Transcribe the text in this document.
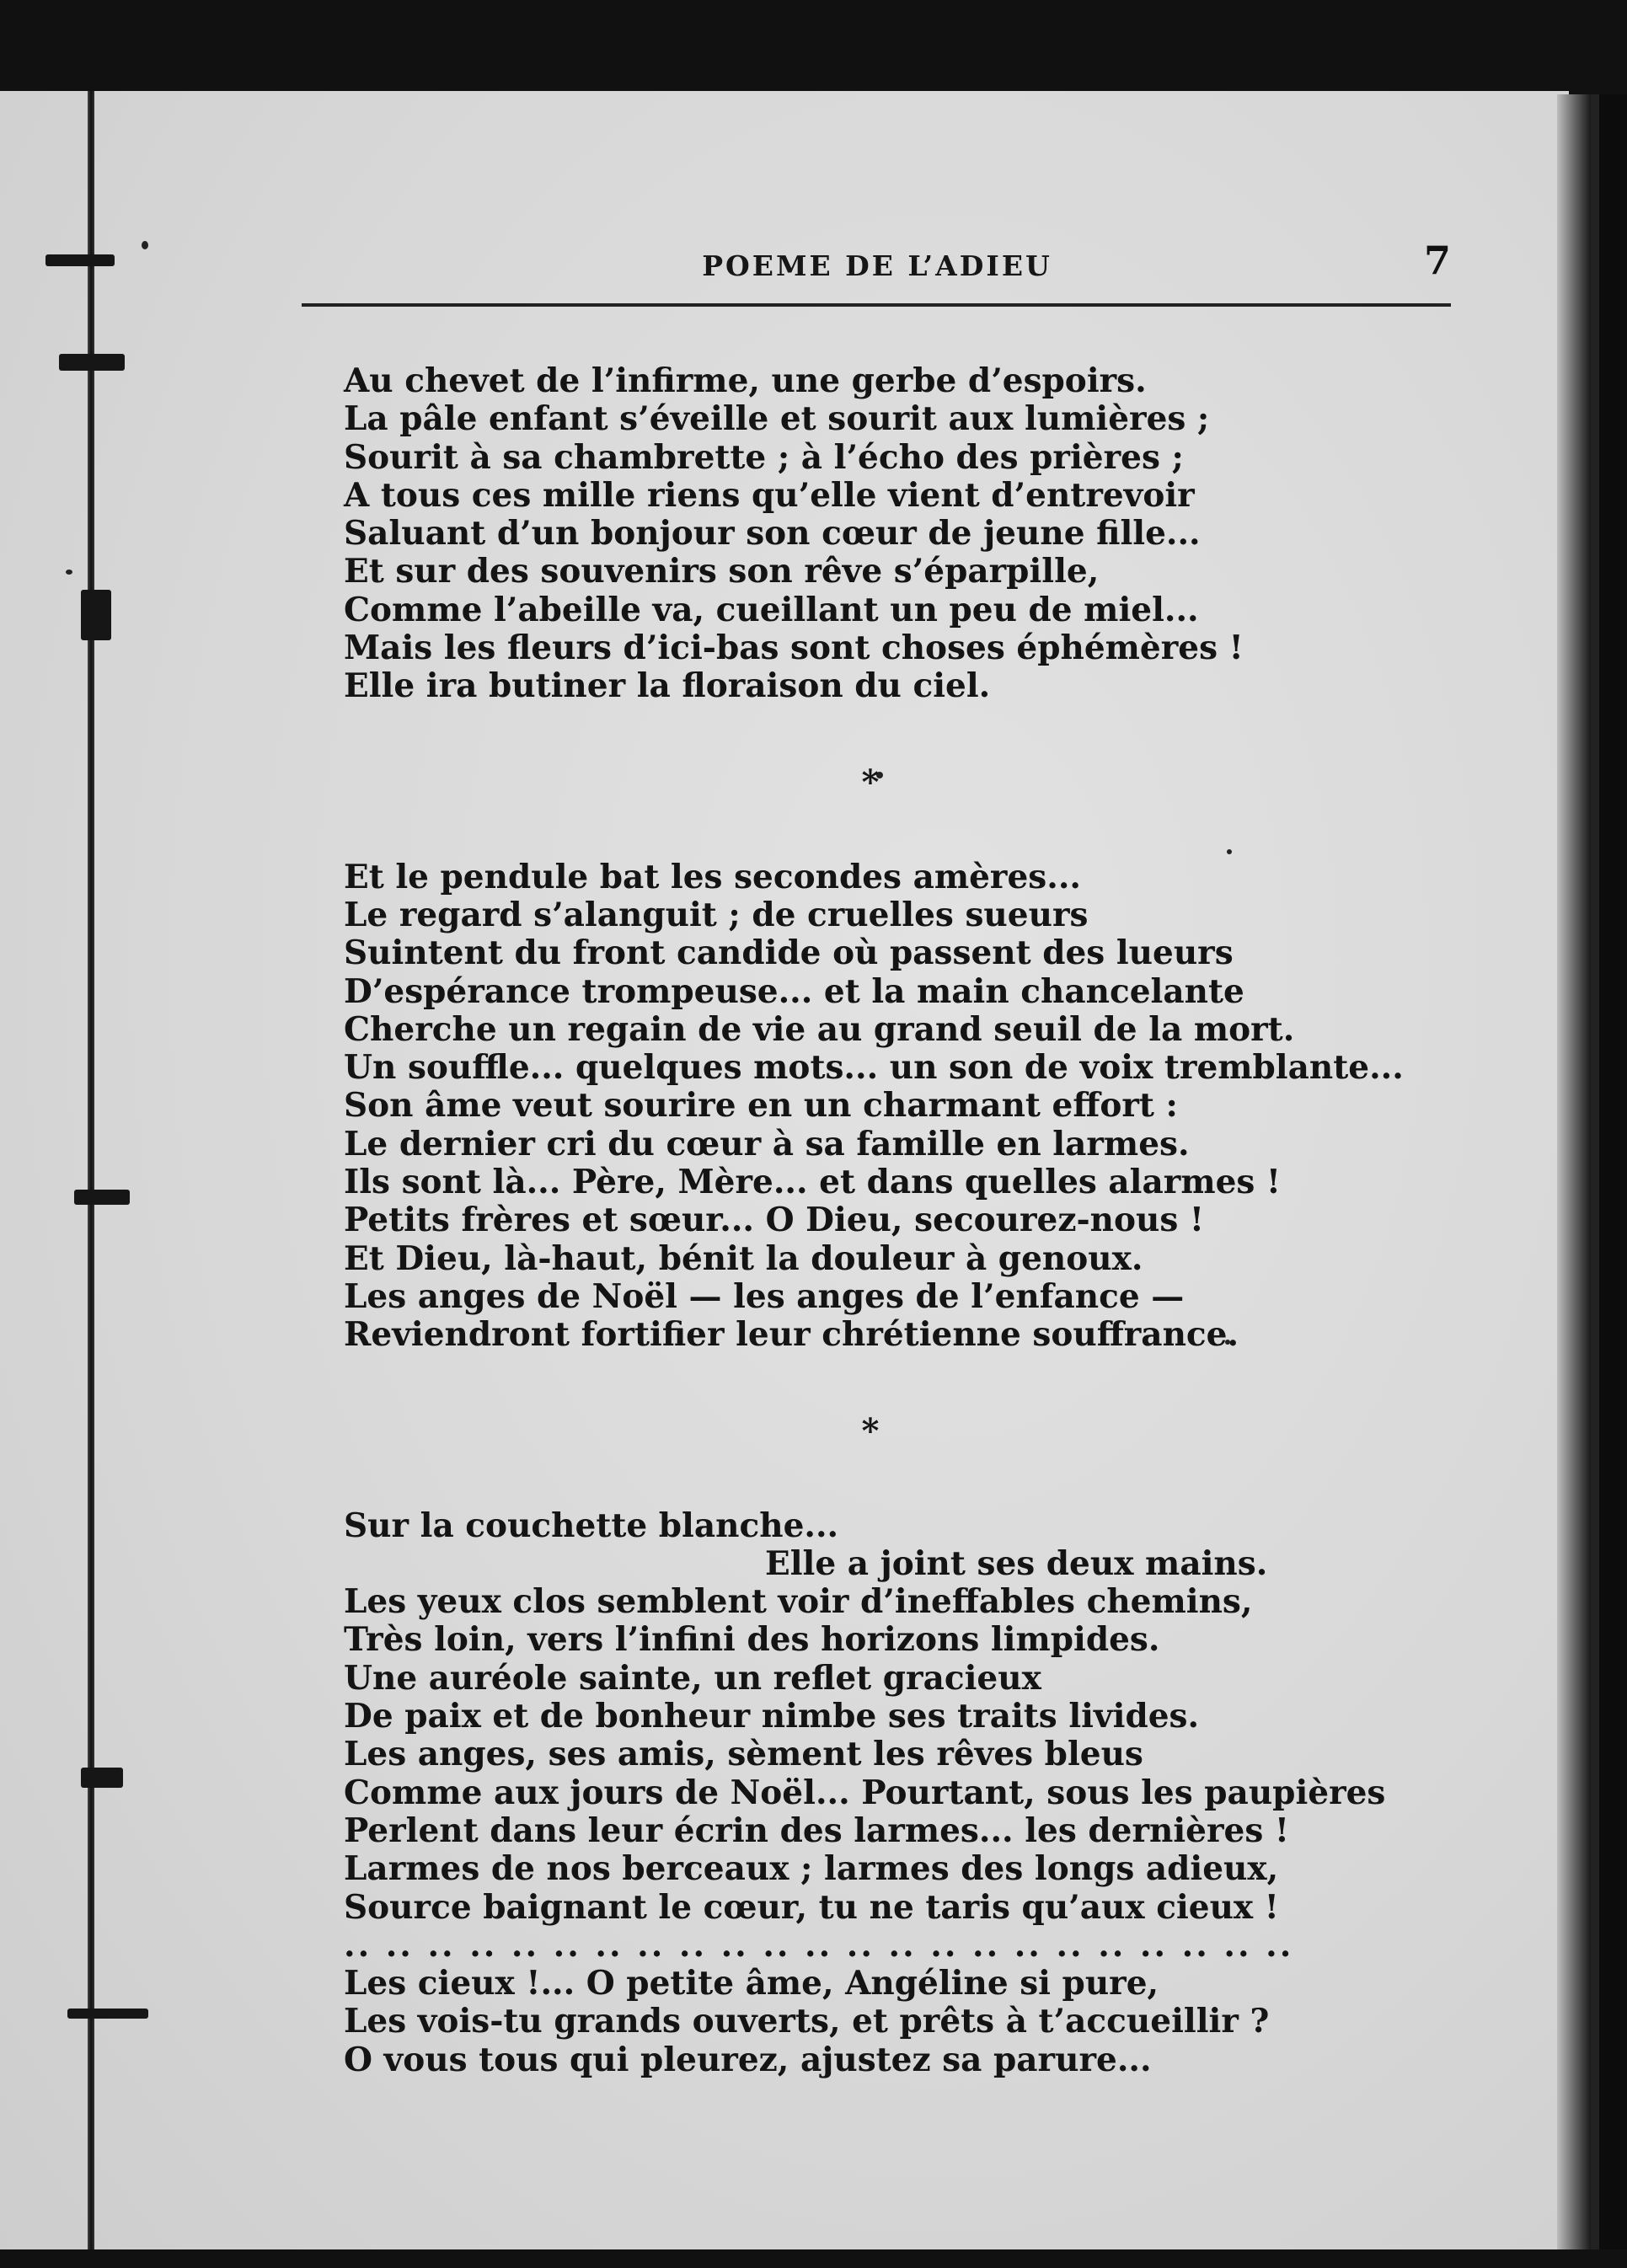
POEME DE L’ADIEU	7
Au chevet de l’infirme, une gerbe d’espoirs.
La pâle enfant s’éveille et sourit aux lumières ;
Sourit à sa chambrette ; à l’écho des prières ;
A tous ces mille riens qu’elle vient d’entrevoir
Saluant d’un bonjour son cœur de jeune fille...
Et sur des souvenirs son rêve s’éparpille,
Comme l’abeille va, cueillant un peu de miel...
Mais les fleurs d’ici-bas sont choses éphémères !
Elle ira butiner la floraison du ciel.
*
Et le pendule bat les secondes amères...
Le regard s’alanguit ; de cruelles sueurs
Suintent du front candide où passent des lueurs
D’espérance trompeuse... et la main chancelante
Cherche un regain de vie au grand seuil de la mort.
Un souffle... quelques mots... un son de voix tremblante...
Son âme veut sourire en un charmant effort :
Le dernier cri du cœur à sa famille en larmes.
Ils sont là... Père, Mère... et dans quelles alarmes !
Petits frères et sœur... O Dieu, secourez-nous !
Et Dieu, là-haut, bénit la douleur à genoux.
Les anges de Noël — les anges de l’enfance —
Reviendront fortifier leur chrétienne souffrance.
*
Sur la couchette blanche...
Elle a joint ses deux mains.
Les yeux clos semblent voir d’ineffables chemins,
Très loin, vers l’infini des horizons limpides.
Une auréole sainte, un reflet gracieux
De paix et de bonheur nimbe ses traits livides.
Les anges, ses amis, sèment les rêves bleus
Comme aux jours de Noël... Pourtant, sous les paupières
Perlent dans leur écrin des larmes... les dernières !
Larmes de nos berceaux ; larmes des longs adieux,
Source baignant le cœur, tu ne taris qu’aux cieux !
.. .. .. .. .. .. .. .. .. .. .. .. .. .. .. .. .. .. .. .. .. .. ..
Les cieux !... O petite âme, Angéline si pure,
Les vois-tu grands ouverts, et prêts à t’accueillir ?
O vous tous qui pleurez, ajustez sa parure...
